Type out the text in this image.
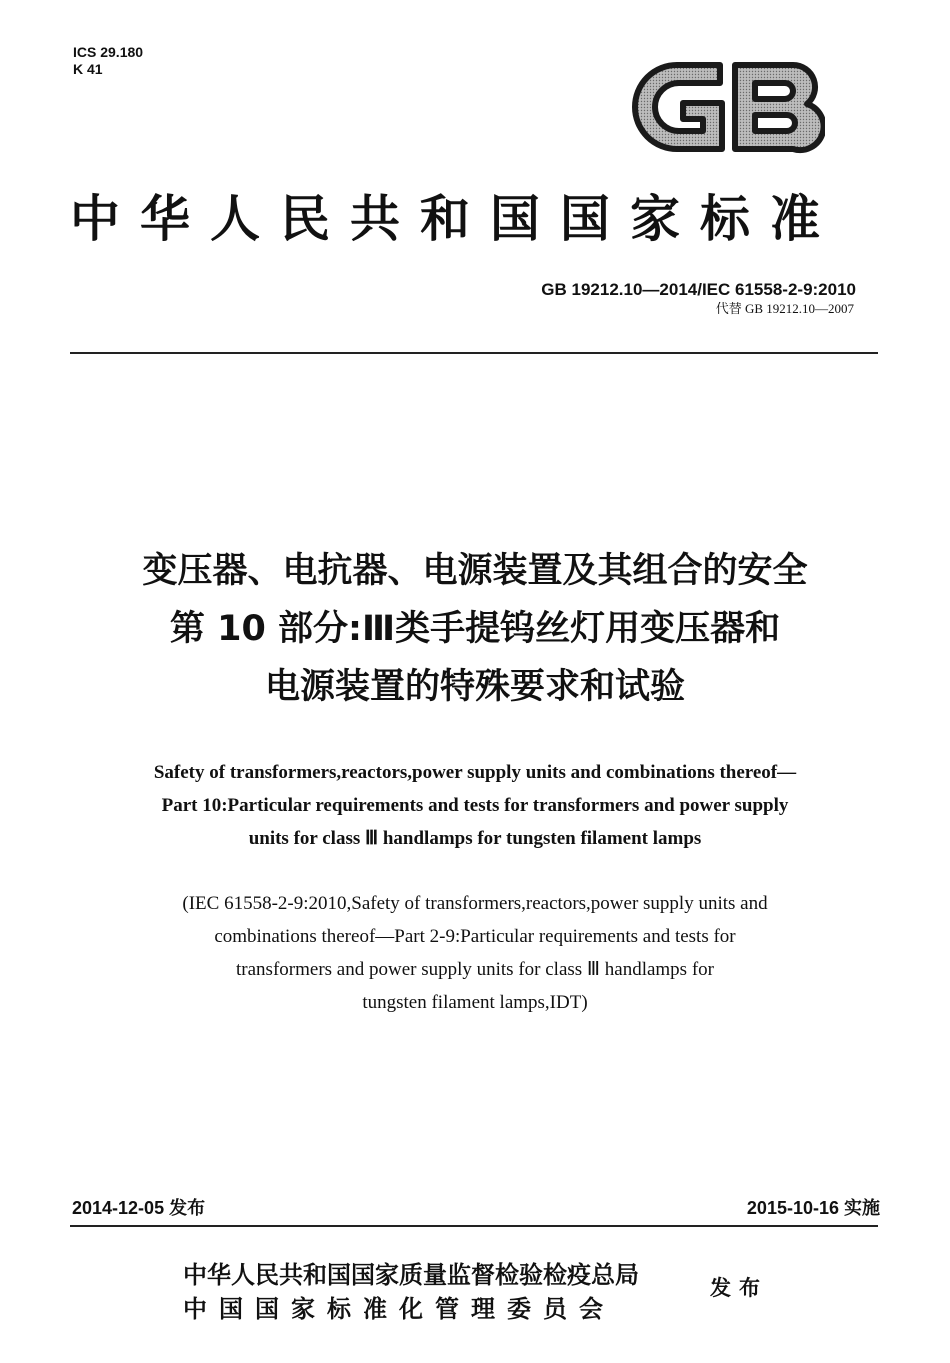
ICS 29.180
K 41
GB
中华人民共和国国家标准
GB 19212.10—2014/IEC 61558-2-9:2010
代替 GB 19212.10—2007
变压器、电抗器、电源装置及其组合的安全
第 10 部分:Ⅲ类手提钨丝灯用变压器和
电源装置的特殊要求和试验
Safety of transformers,reactors,power supply units and combinations thereof—
Part 10:Particular requirements and tests for transformers and power supply
units for class Ⅲ handlamps for tungsten filament lamps
(IEC 61558-2-9:2010,Safety of transformers,reactors,power supply units and
combinations thereof—Part 2-9:Particular requirements and tests for
transformers and power supply units for class Ⅲ handlamps for
tungsten filament lamps,IDT)
2014-12-05 发布	2015-10-16 实施
中华人民共和国国家质量监督检验检疫总局
中国国家标准化管理委员会
发布
